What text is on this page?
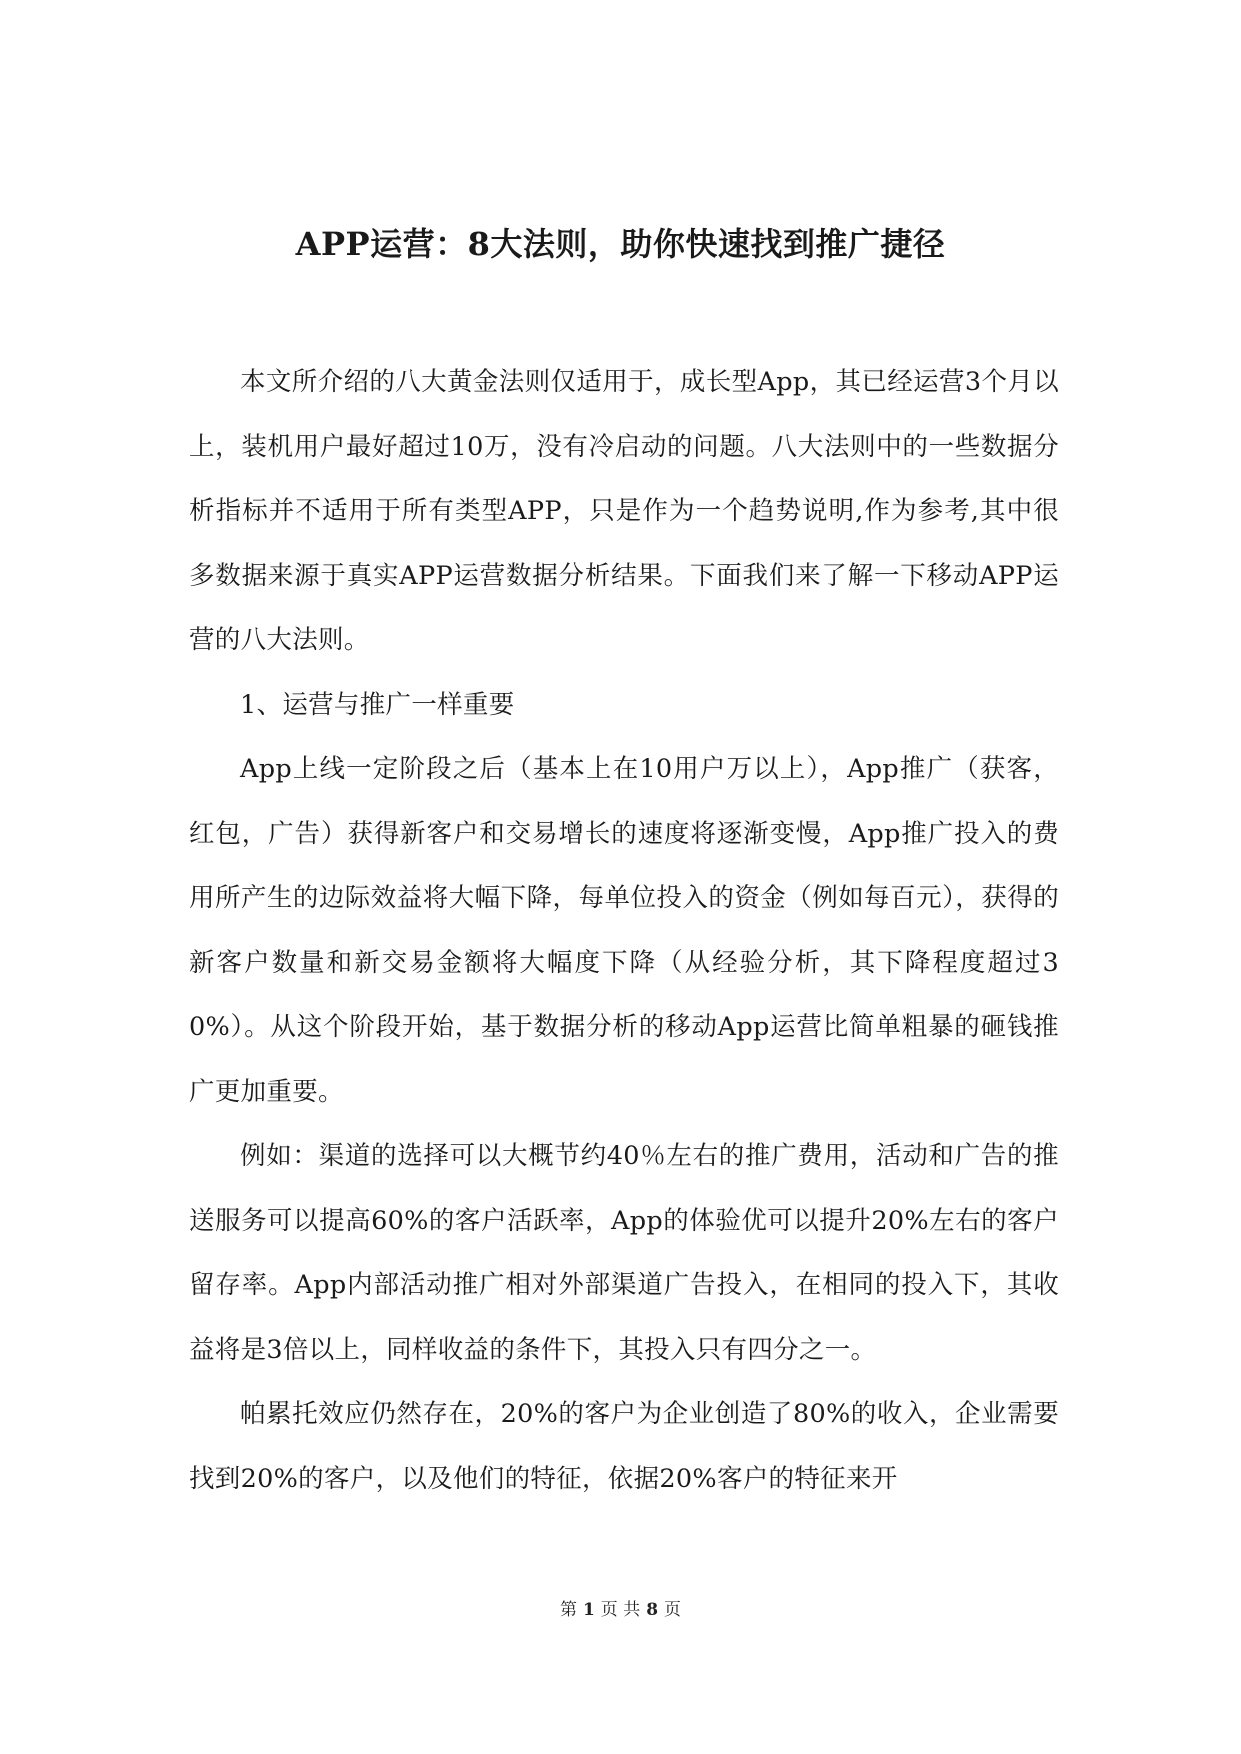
APP运营：8大法则，助你快速找到推广捷径

本文所介绍的八大黄金法则仅适用于，成长型App，其已经运营3个月以上，装机用户最好超过10万，没有冷启动的问题。八大法则中的一些数据分析指标并不适用于所有类型APP，只是作为一个趋势说明,作为参考,其中很多数据来源于真实APP运营数据分析结果。下面我们来了解一下移动APP运营的八大法则。

1、运营与推广一样重要

App上线一定阶段之后（基本上在10用户万以上），App推广（获客，红包，广告）获得新客户和交易增长的速度将逐渐变慢，App推广投入的费用所产生的边际效益将大幅下降，每单位投入的资金（例如每百元），获得的新客户数量和新交易金额将大幅度下降（从经验分析，其下降程度超过30%）。从这个阶段开始，基于数据分析的移动App运营比简单粗暴的砸钱推广更加重要。

例如：渠道的选择可以大概节约40％左右的推广费用，活动和广告的推送服务可以提高60%的客户活跃率，App的体验优可以提升20%左右的客户留存率。App内部活动推广相对外部渠道广告投入，在相同的投入下，其收益将是3倍以上，同样收益的条件下，其投入只有四分之一。

帕累托效应仍然存在，20%的客户为企业创造了80%的收入，企业需要找到20%的客户，以及他们的特征，依据20%客户的特征来开

第 1 页 共 8 页
